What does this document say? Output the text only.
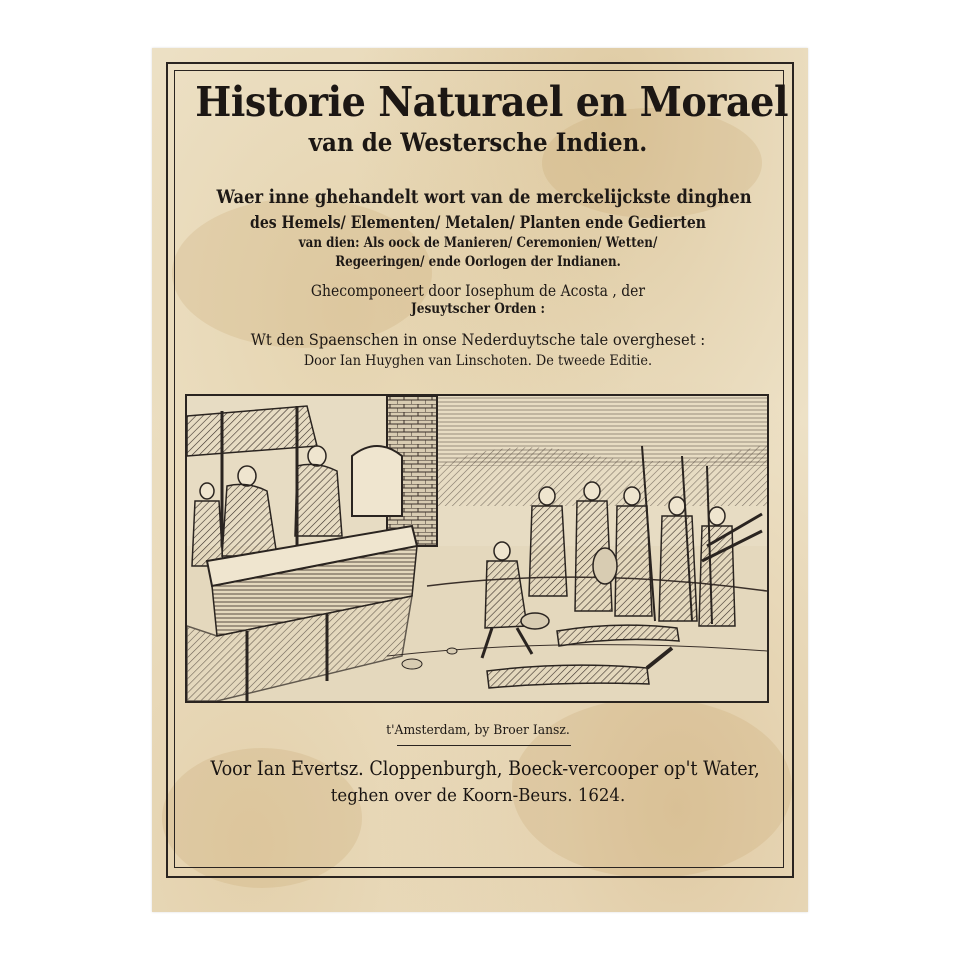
Historie Naturael en Morael
van de Westersche Indien.
Waer inne ghehandelt wort van de merckelijckste dinghen
des Hemels/ Elementen/ Metalen/ Planten ende Gedierten
van dien: Als oock de Manieren/ Ceremonien/ Wetten/
Regeeringen/ ende Oorlogen der Indianen.
Ghecomponeert door Iosephum de Acosta , der
Jesuytscher Orden :
Wt den Spaenschen in onse Nederduytsche tale overgheset :
Door Ian Huyghen van Linschoten. De tweede Editie.
t'Amsterdam, by Broer Iansz.
Voor Ian Evertsz. Cloppenburgh, Boeck-vercooper op't Water,
teghen over de Koorn-Beurs. 1624.
